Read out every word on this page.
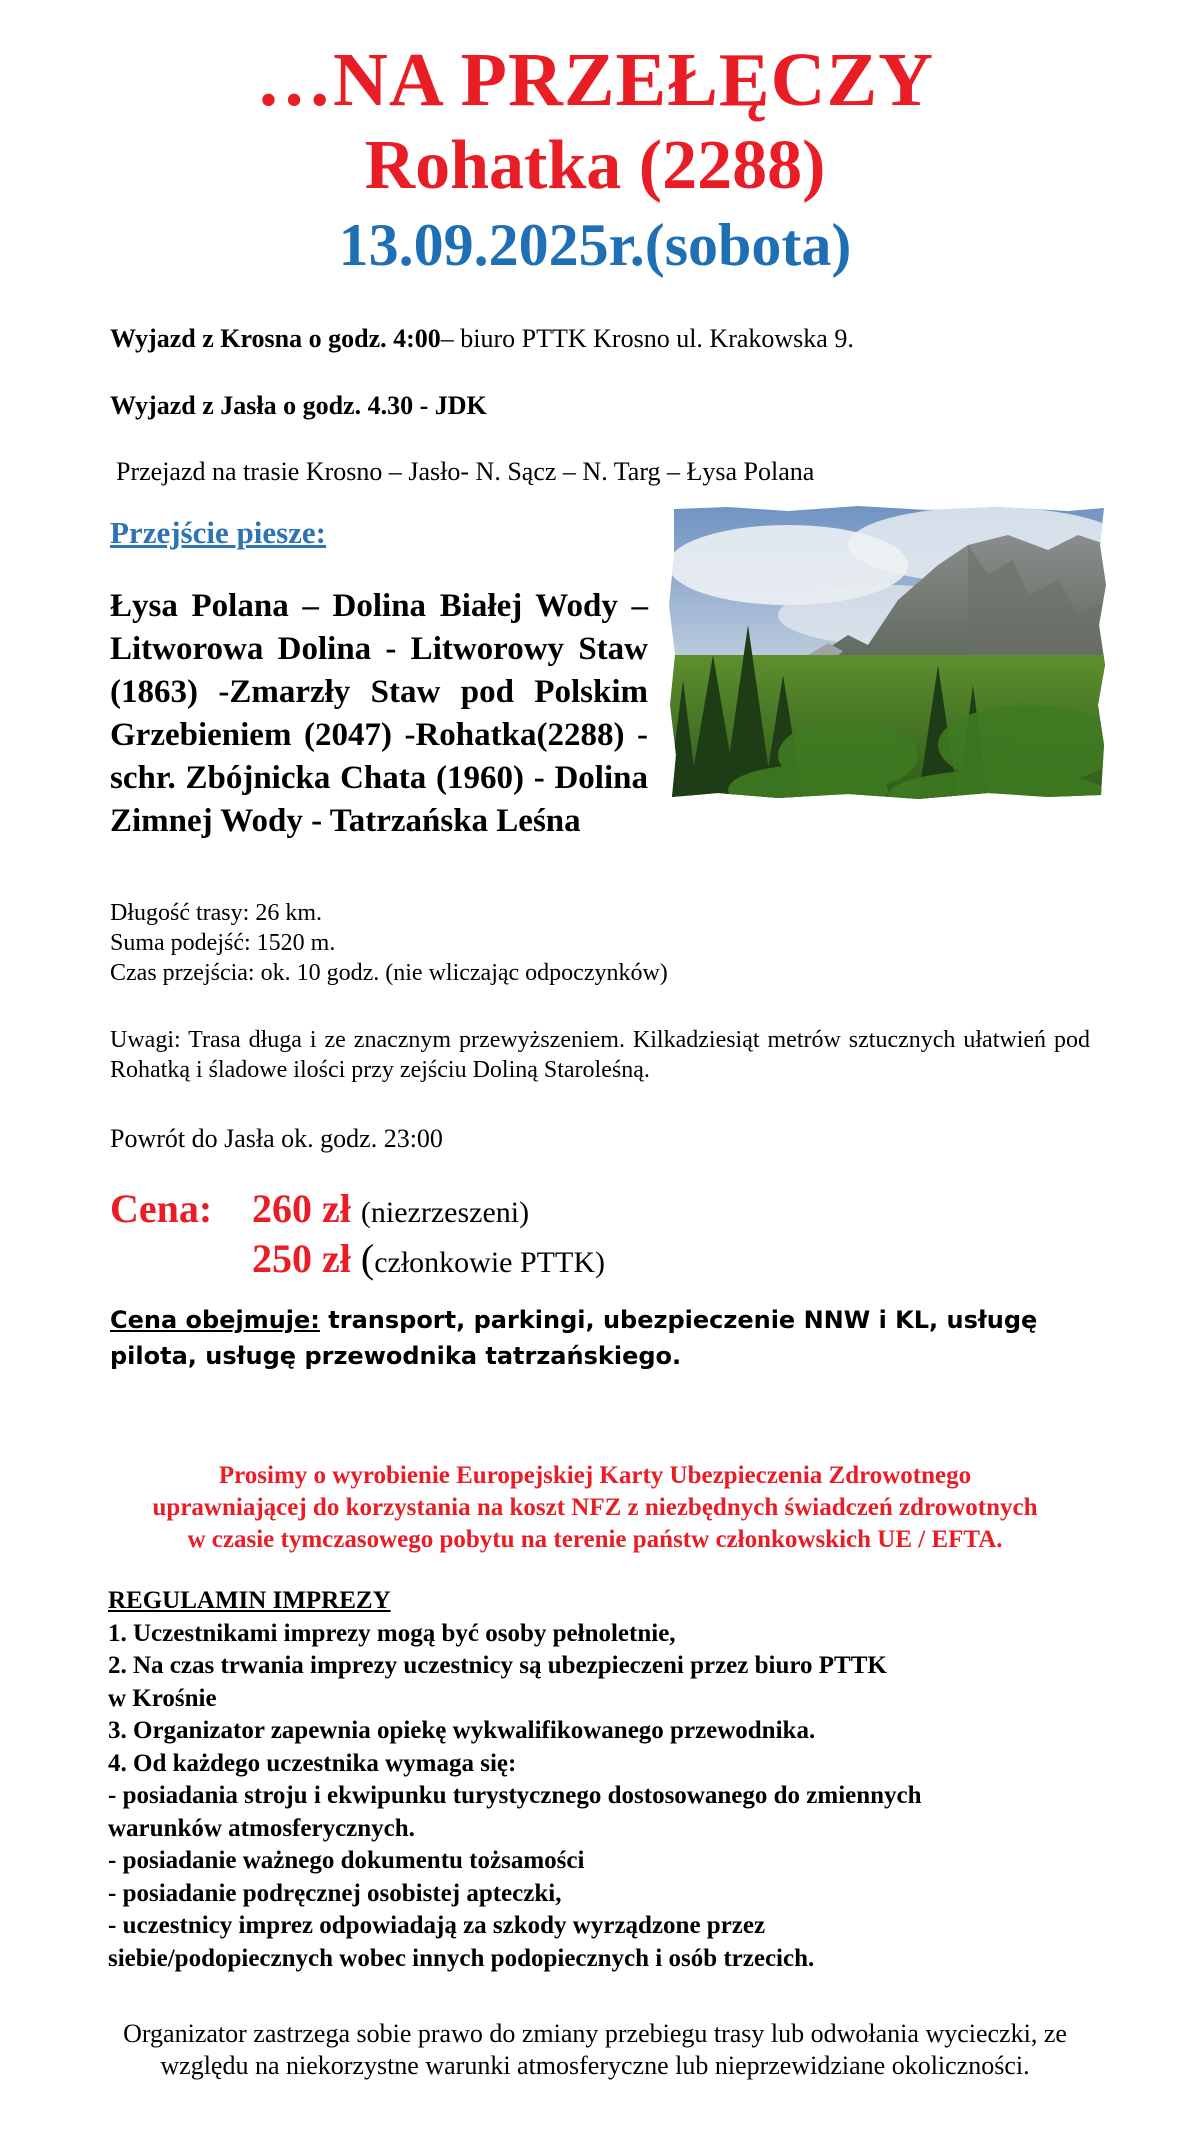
…NA PRZEŁĘCZY
Rohatka (2288)
13.09.2025r.(sobota)
Wyjazd z Krosna o godz. 4:00– biuro PTTK Krosno ul. Krakowska 9.
Wyjazd z Jasła o godz. 4.30 - JDK
Przejazd na trasie Krosno – Jasło- N. Sącz – N. Targ – Łysa Polana
Przejście piesze:
Łysa Polana – Dolina Białej Wody – Litworowa Dolina - Litworowy Staw (1863) -Zmarzły Staw pod Polskim Grzebieniem (2047) -Rohatka(2288) - schr. Zbójnicka Chata (1960) - Dolina Zimnej Wody - Tatrzańska Leśna
Długość trasy: 26 km.
Suma podejść: 1520 m.
Czas przejścia: ok. 10 godz. (nie wliczając odpoczynków)
Uwagi: Trasa długa i ze znacznym przewyższeniem. Kilkadziesiąt metrów sztucznych ułatwień pod Rohatką i śladowe ilości przy zejściu Doliną Staroleśną.
Powrót do Jasła ok. godz. 23:00
Cena: 260 zł (niezrzeszeni)
250 zł (członkowie PTTK)
Cena obejmuje: transport, parkingi, ubezpieczenie NNW i KL, usługę pilota, usługę przewodnika tatrzańskiego.
Prosimy o wyrobienie Europejskiej Karty Ubezpieczenia Zdrowotnego uprawniającej do korzystania na koszt NFZ z niezbędnych świadczeń zdrowotnych w czasie tymczasowego pobytu na terenie państw członkowskich UE / EFTA.
REGULAMIN IMPREZY
1. Uczestnikami imprezy mogą być osoby pełnoletnie,
2. Na czas trwania imprezy uczestnicy są ubezpieczeni przez biuro PTTK
w Krośnie
3. Organizator zapewnia opiekę wykwalifikowanego przewodnika.
4. Od każdego uczestnika wymaga się:
- posiadania stroju i ekwipunku turystycznego dostosowanego do zmiennych
warunków atmosferycznych.
- posiadanie ważnego dokumentu tożsamości
- posiadanie podręcznej osobistej apteczki,
- uczestnicy imprez odpowiadają za szkody wyrządzone przez
siebie/podopiecznych wobec innych podopiecznych i osób trzecich.
Organizator zastrzega sobie prawo do zmiany przebiegu trasy lub odwołania wycieczki, ze względu na niekorzystne warunki atmosferyczne lub nieprzewidziane okoliczności.
